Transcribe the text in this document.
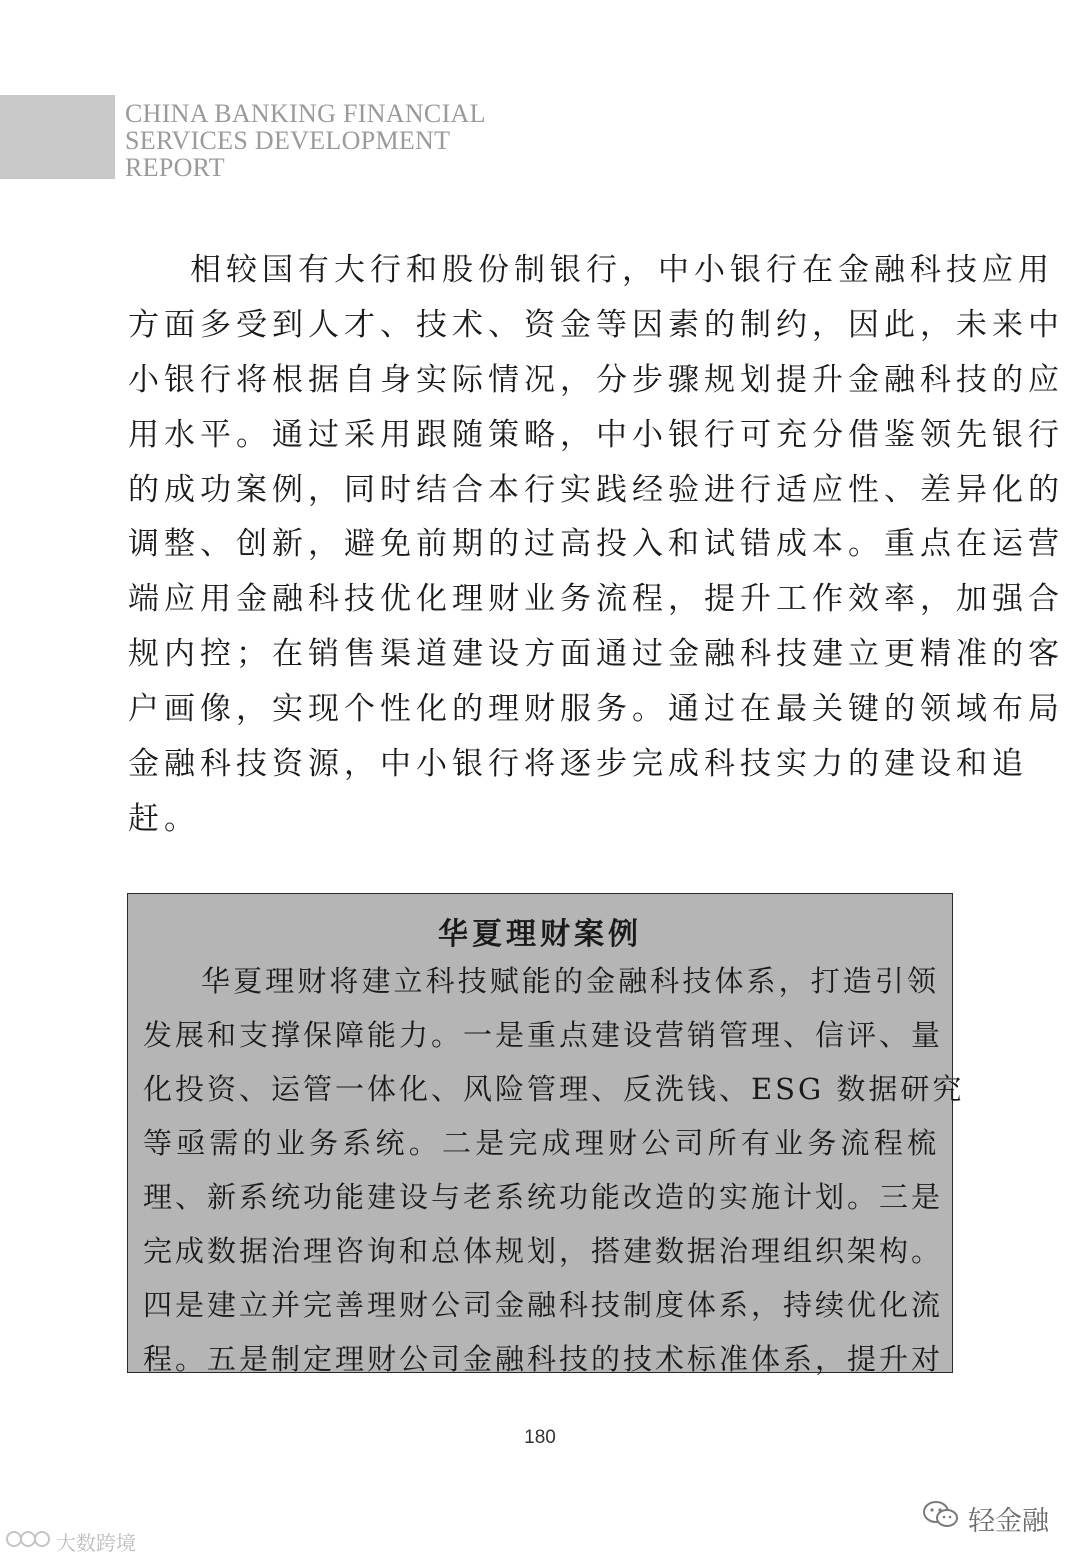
CHINA BANKING FINANCIAL
SERVICES DEVELOPMENT
REPORT
相较国有大行和股份制银行，中小银行在金融科技应用
方面多受到人才、技术、资金等因素的制约，因此，未来中
小银行将根据自身实际情况，分步骤规划提升金融科技的应
用水平。通过采用跟随策略，中小银行可充分借鉴领先银行
的成功案例，同时结合本行实践经验进行适应性、差异化的
调整、创新，避免前期的过高投入和试错成本。重点在运营
端应用金融科技优化理财业务流程，提升工作效率，加强合
规内控；在销售渠道建设方面通过金融科技建立更精准的客
户画像，实现个性化的理财服务。通过在最关键的领域布局
金融科技资源，中小银行将逐步完成科技实力的建设和追
赶。
华夏理财案例
华夏理财将建立科技赋能的金融科技体系，打造引领
发展和支撑保障能力。一是重点建设营销管理、信评、量
化投资、运管一体化、风险管理、反洗钱、ESG 数据研究
等亟需的业务系统。二是完成理财公司所有业务流程梳
理、新系统功能建设与老系统功能改造的实施计划。三是
完成数据治理咨询和总体规划，搭建数据治理组织架构。
四是建立并完善理财公司金融科技制度体系，持续优化流
程。五是制定理财公司金融科技的技术标准体系，提升对
180
大数跨境
轻金融
